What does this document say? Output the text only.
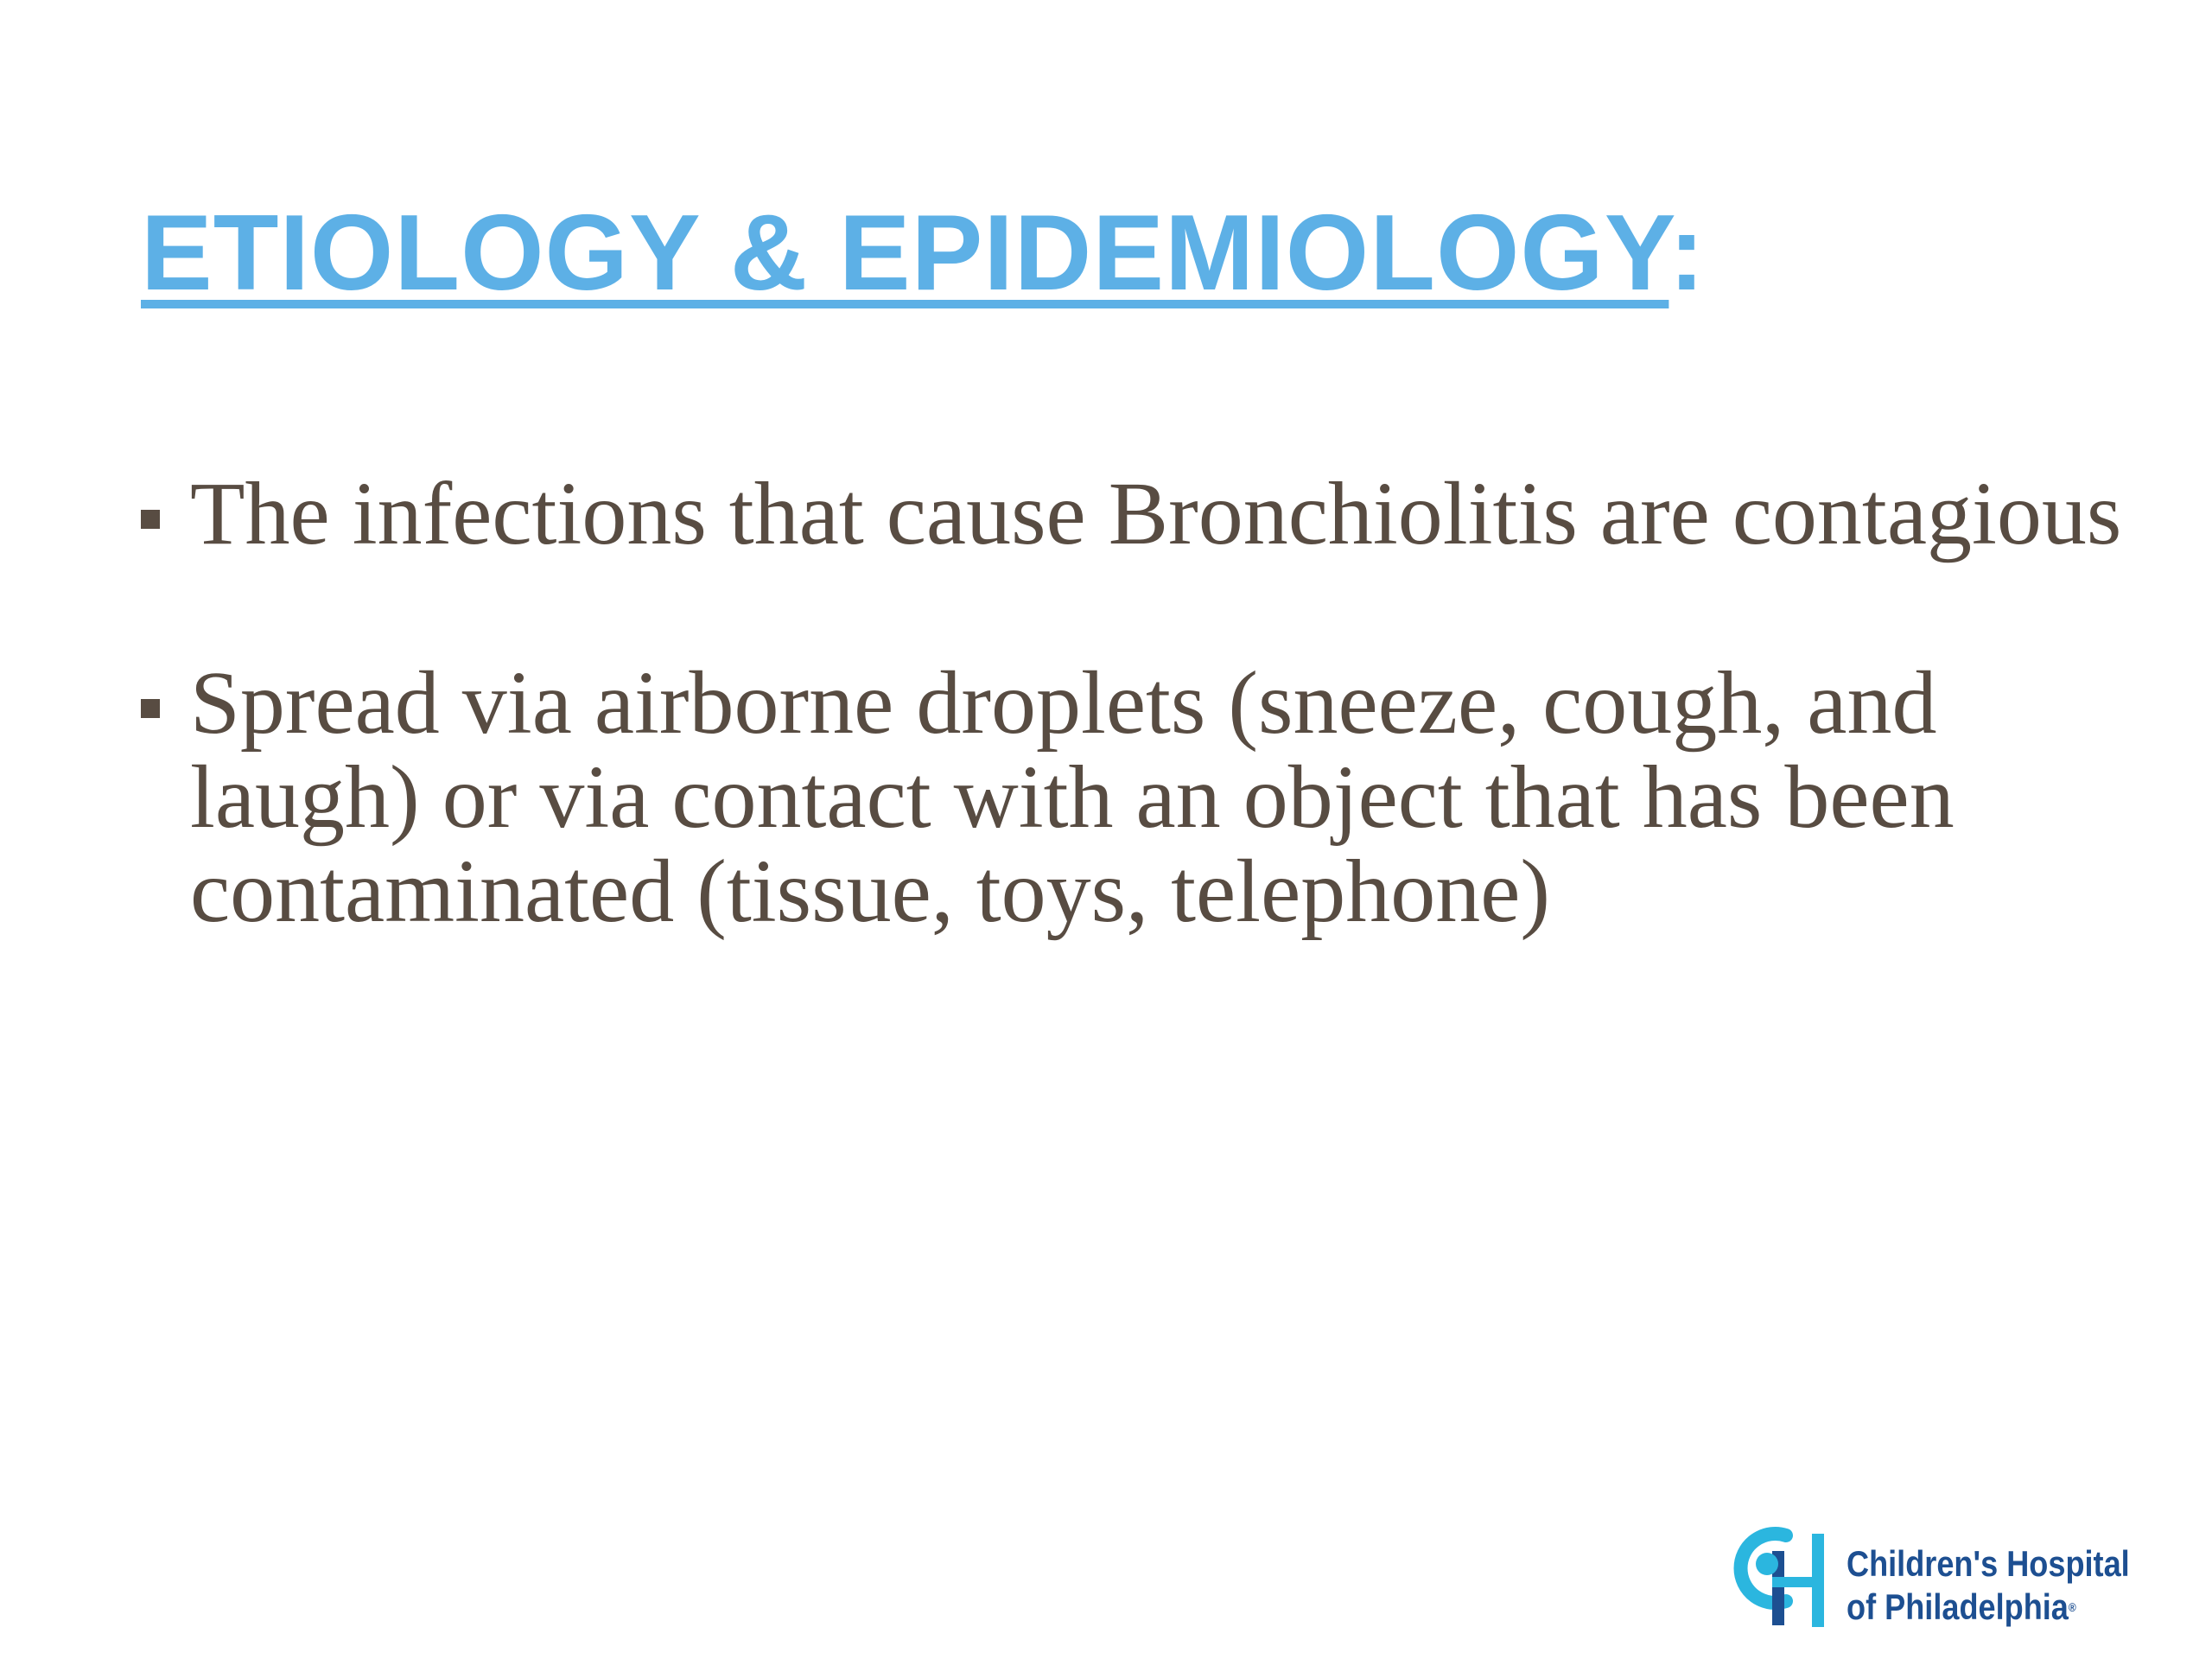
ETIOLOGY & EPIDEMIOLOGY:
The infections that cause Bronchiolitis are contagious
Spread via airborne droplets (sneeze, cough, and laugh) or via contact with an object that has been contaminated (tissue, toys, telephone)
Children's Hospital
of Philadelphia®
